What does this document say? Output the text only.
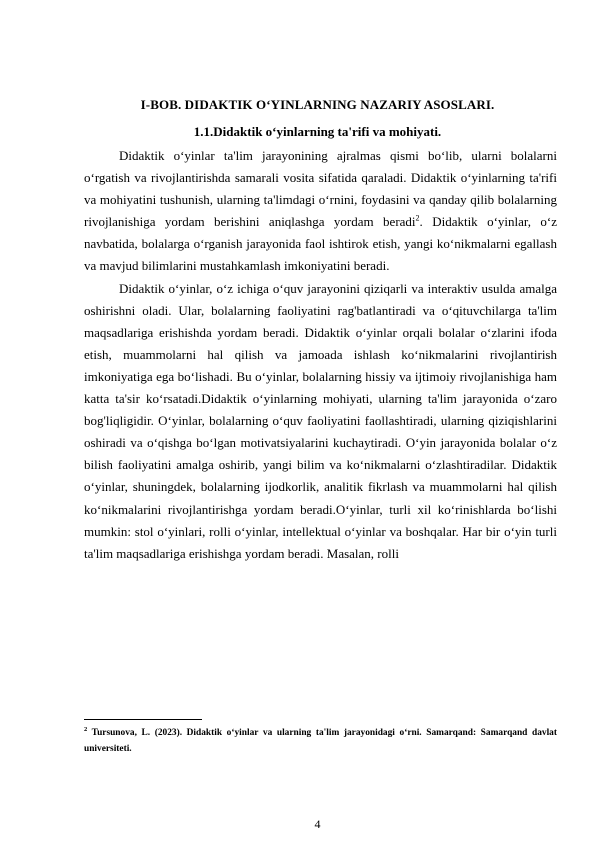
I-BOB. DIDAKTIK O‘YINLARNING NAZARIY ASOSLARI.
1.1.Didaktik o‘yinlarning ta'rifi va mohiyati.

Didaktik o‘yinlar ta'lim jarayonining ajralmas qismi bo‘lib, ularni bolalarni o‘rgatish va rivojlantirishda samarali vosita sifatida qaraladi. Didaktik o‘yinlarning ta'rifi va mohiyatini tushunish, ularning ta'limdagi o‘rnini, foydasini va qanday qilib bolalarning rivojlanishiga yordam berishini aniqlashga yordam beradi$^2$. Didaktik o‘yinlar, o‘z navbatida, bolalarga o‘rganish jarayonida faol ishtirok etish, yangi ko‘nikmalarni egallash va mavjud bilimlarini mustahkamlash imkoniyatini beradi.

Didaktik o‘yinlar, o‘z ichiga o‘quv jarayonini qiziqarli va interaktiv usulda amalga oshirishni oladi. Ular, bolalarning faoliyatini rag'batlantiradi va o‘qituvchilarga ta'lim maqsadlariga erishishda yordam beradi. Didaktik o‘yinlar orqali bolalar o‘zlarini ifoda etish, muammolarni hal qilish va jamoada ishlash ko‘nikmalarini rivojlantirish imkoniyatiga ega bo‘lishadi. Bu o‘yinlar, bolalarning hissiy va ijtimoiy rivojlanishiga ham katta ta'sir ko‘rsatadi.Didaktik o‘yinlarning mohiyati, ularning ta'lim jarayonida o‘zaro bog'liqligidir. O‘yinlar, bolalarning o‘quv faoliyatini faollashtiradi, ularning qiziqishlarini oshiradi va o‘qishga bo‘lgan motivatsiyalarini kuchaytiradi. O‘yin jarayonida bolalar o‘z bilish faoliyatini amalga oshirib, yangi bilim va ko‘nikmalarni o‘zlashtiradilar. Didaktik o‘yinlar, shuningdek, bolalarning ijodkorlik, analitik fikrlash va muammolarni hal qilish ko‘nikmalarini rivojlantirishga yordam beradi.O‘yinlar, turli xil ko‘rinishlarda bo‘lishi mumkin: stol o‘yinlari, rolli o‘yinlar, intellektual o‘yinlar va boshqalar. Har bir o‘yin turli ta'lim maqsadlariga erishishga yordam beradi. Masalan, rolli

$^2$ Tursunova, L. (2023). Didaktik o‘yinlar va ularning ta'lim jarayonidagi o‘rni. Samarqand: Samarqand davlat universiteti.
4
